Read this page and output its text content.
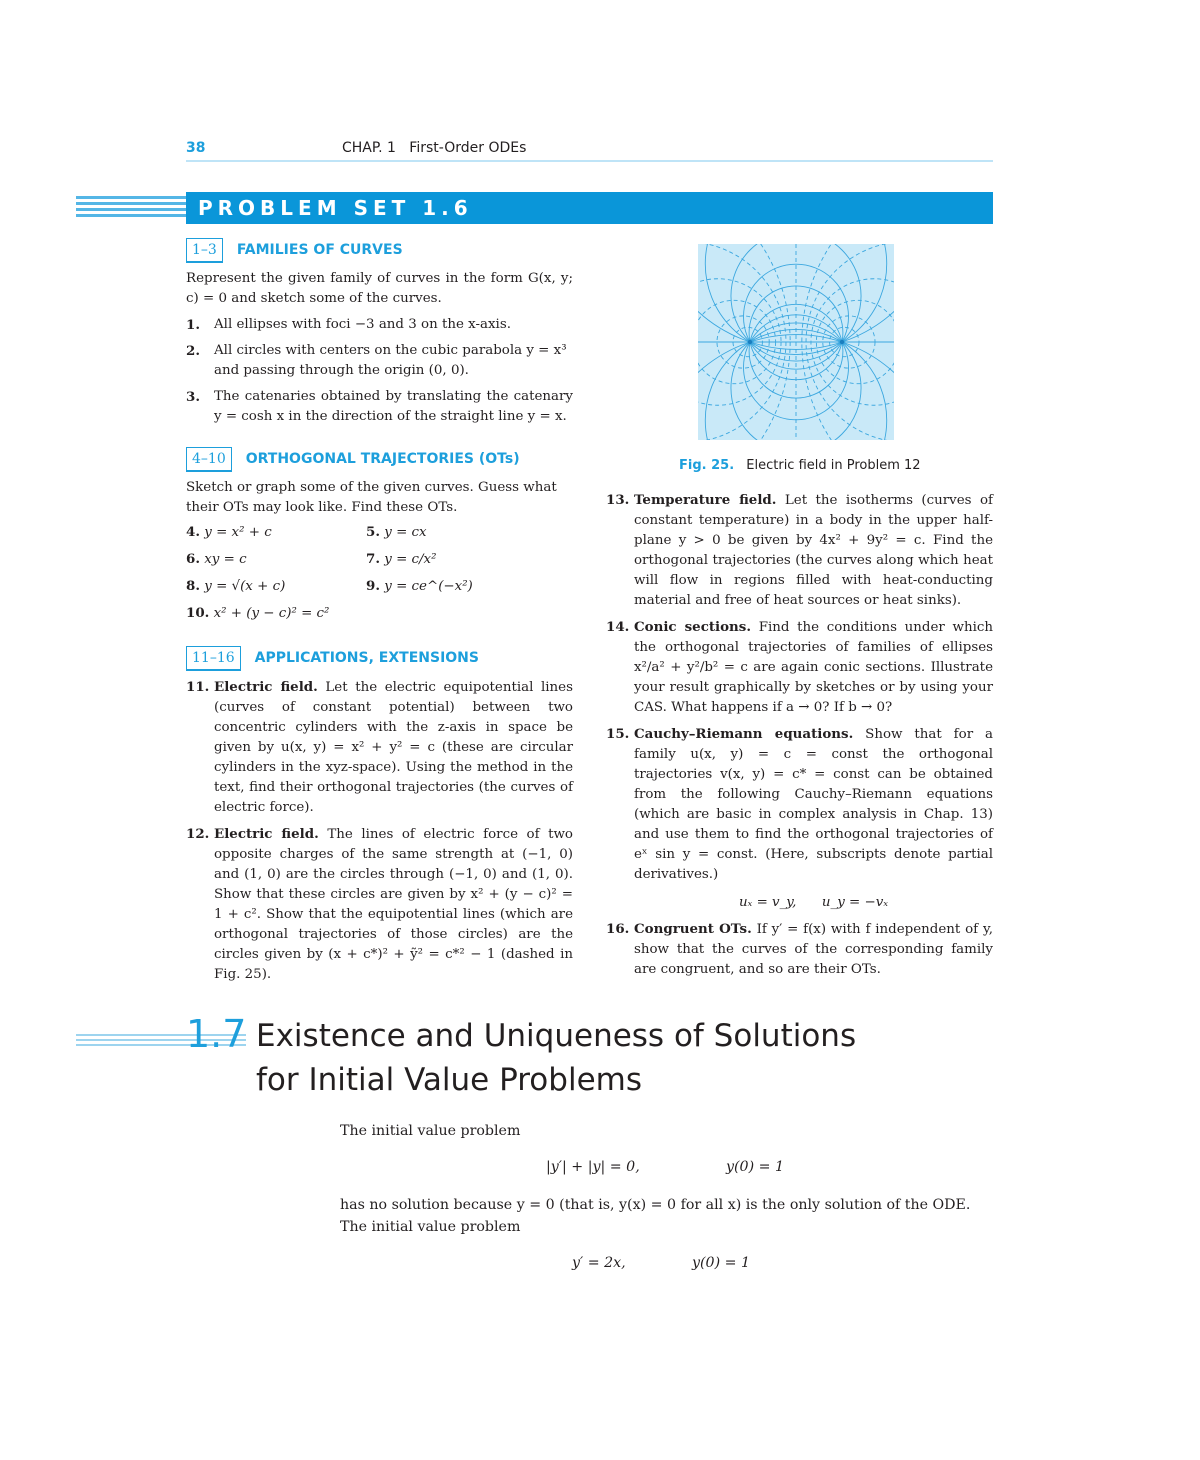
38	CHAP. 1   First-Order ODEs
PROBLEM SET 1.6
1–3 FAMILIES OF CURVES

Represent the given family of curves in the form G(x, y; c) = 0 and sketch some of the curves.

1. All ellipses with foci −3 and 3 on the x-axis.
2. All circles with centers on the cubic parabola y = x³ and passing through the origin (0, 0).
3. The catenaries obtained by translating the catenary y = cosh x in the direction of the straight line y = x.
4–10 ORTHOGONAL TRAJECTORIES (OTs)

Sketch or graph some of the given curves. Guess what their OTs may look like. Find these OTs.

4. y = x² + c	5. y = cx
6. xy = c	7. y = c/x²
8. y = √(x + c)	9. y = ce^(−x²)
10. x² + (y − c)² = c²
11–16 APPLICATIONS, EXTENSIONS
11. Electric field. Let the electric equipotential lines (curves of constant potential) between two concentric cylinders with the z-axis in space be given by u(x, y) = x² + y² = c (these are circular cylinders in the xyz-space). Using the method in the text, find their orthogonal trajectories (the curves of electric force).
12. Electric field. The lines of electric force of two opposite charges of the same strength at (−1, 0) and (1, 0) are the circles through (−1, 0) and (1, 0). Show that these circles are given by x² + (y − c)² = 1 + c². Show that the equipotential lines (which are orthogonal trajectories of those circles) are the circles given by (x + c*)² + ỹ² = c*² − 1 (dashed in Fig. 25).
Fig. 25. Electric field in Problem 12
13. Temperature field. Let the isotherms (curves of constant temperature) in a body in the upper half-plane y > 0 be given by 4x² + 9y² = c. Find the orthogonal trajectories (the curves along which heat will flow in regions filled with heat-conducting material and free of heat sources or heat sinks).
14. Conic sections. Find the conditions under which the orthogonal trajectories of families of ellipses x²/a² + y²/b² = c are again conic sections. Illustrate your result graphically by sketches or by using your CAS. What happens if a → 0? If b → 0?
15. Cauchy–Riemann equations. Show that for a family u(x, y) = c = const the orthogonal trajectories v(x, y) = c* = const can be obtained from the following Cauchy–Riemann equations (which are basic in complex analysis in Chap. 13) and use them to find the orthogonal trajectories of eˣ sin y = const. (Here, subscripts denote partial derivatives.)
uₓ = v_y,      u_y = −vₓ
16. Congruent OTs. If y′ = f(x) with f independent of y, show that the curves of the corresponding family are congruent, and so are their OTs.
1.7 Existence and Uniqueness of Solutions
for Initial Value Problems
The initial value problem
|y′| + |y| = 0,	y(0) = 1
has no solution because y = 0 (that is, y(x) = 0 for all x) is the only solution of the ODE.
The initial value problem
y′ = 2x,	y(0) = 1
